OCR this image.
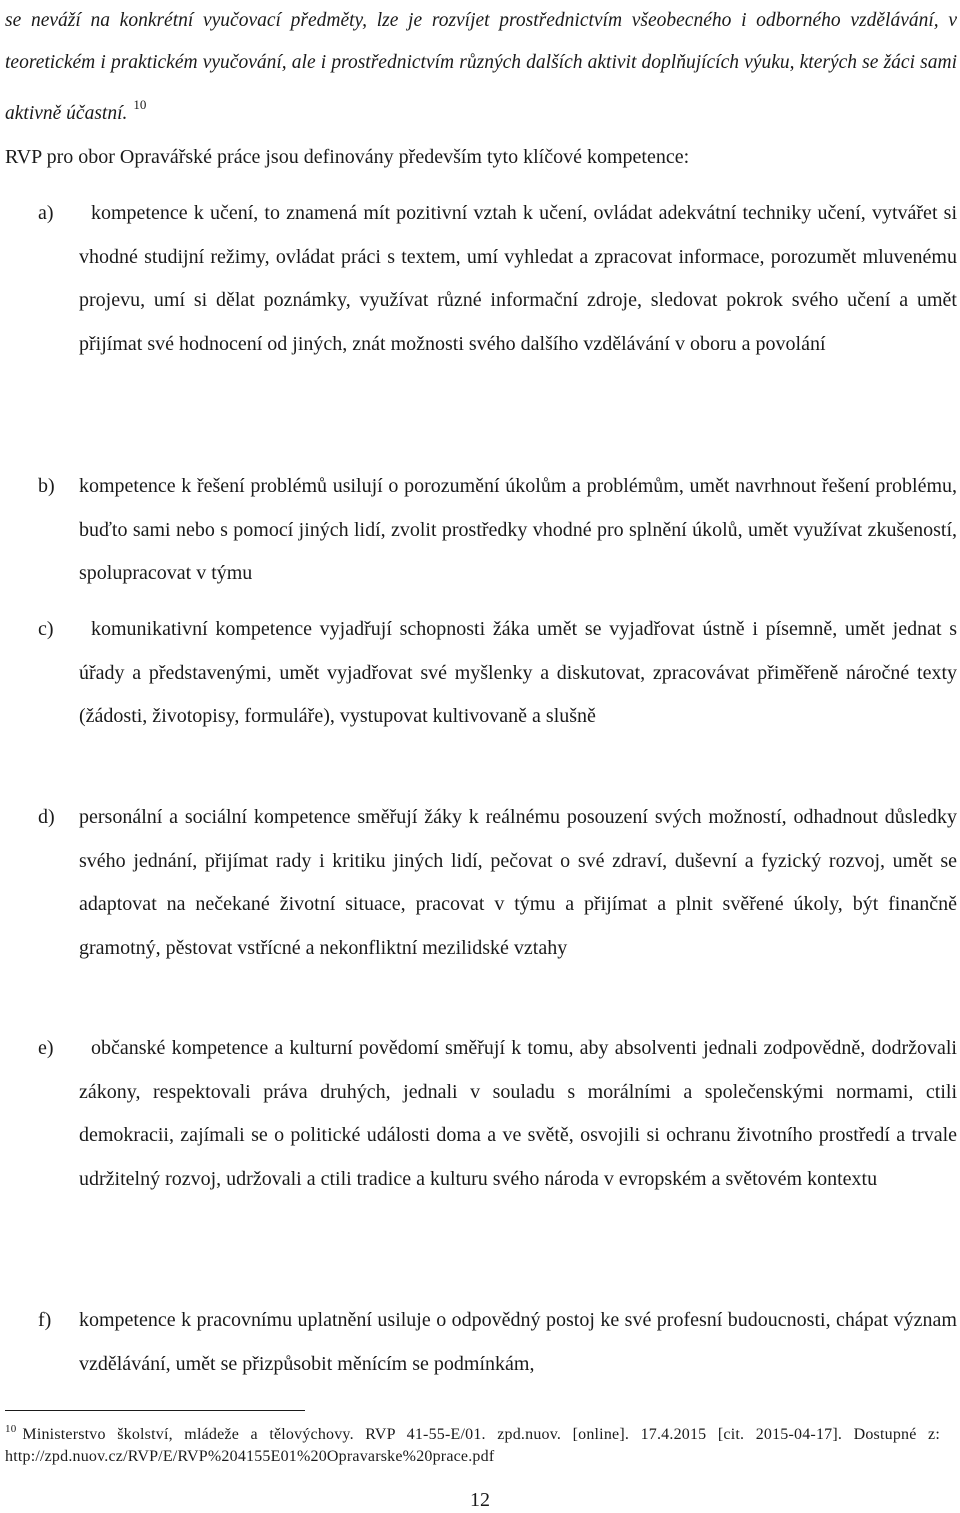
se neváží na konkrétní vyučovací předměty, lze je rozvíjet prostřednictvím všeobecného i odborného vzdělávání, v teoretickém i praktickém vyučování, ale i prostřednictvím různých dalších aktivit doplňujících výuku, kterých se žáci sami aktivně účastní. $^{10}$

RVP pro obor Opravářské práce jsou definovány především tyto klíčové kompetence:

a)	kompetence k učení, to znamená mít pozitivní vztah k učení, ovládat adekvátní techniky učení, vytvářet si vhodné studijní režimy, ovládat práci s textem, umí vyhledat a zpracovat informace, porozumět mluvenému projevu, umí si dělat poznámky, využívat různé informační zdroje, sledovat pokrok svého učení a umět přijímat své hodnocení od jiných, znát možnosti svého dalšího vzdělávání v oboru a povolání
b) kompetence k řešení problémů usilují o porozumění úkolům a problémům, umět navrhnout řešení problému, buďto sami nebo s pomocí jiných lidí, zvolit prostředky vhodné pro splnění úkolů, umět využívat zkušeností, spolupracovat v týmu
c)	komunikativní kompetence vyjadřují schopnosti žáka umět se vyjadřovat ústně i písemně, umět jednat s úřady a představenými, umět vyjadřovat své myšlenky a diskutovat, zpracovávat přiměřeně náročné texty (žádosti, životopisy, formuláře), vystupovat kultivovaně a slušně
d) personální a sociální kompetence směřují žáky k reálnému posouzení svých možností, odhadnout důsledky svého jednání, přijímat rady i kritiku jiných lidí, pečovat o své zdraví, duševní a fyzický rozvoj, umět se adaptovat na nečekané životní situace, pracovat v týmu a přijímat a plnit svěřené úkoly, být finančně gramotný, pěstovat vstřícné a nekonfliktní mezilidské vztahy
e)	občanské kompetence a kulturní povědomí směřují k tomu, aby absolventi jednali zodpovědně, dodržovali zákony, respektovali práva druhých, jednali v souladu s morálními a společenskými normami, ctili demokracii, zajímali se o politické události doma a ve světě, osvojili si ochranu životního prostředí a trvale udržitelný rozvoj, udržovali a ctili tradice a kulturu svého národa v evropském a světovém kontextu
f) kompetence k pracovnímu uplatnění usiluje o odpovědný postoj ke své profesní budoucnosti, chápat význam vzdělávání, umět se přizpůsobit měnícím se podmínkám,

$^{10}$ Ministerstvo školství, mládeže a tělovýchovy. RVP 41-55-E/01. zpd.nuov. [online]. 17.4.2015 [cit. 2015-04-17]. Dostupné z: http://zpd.nuov.cz/RVP/E/RVP%204155E01%20Opravarske%20prace.pdf

12
